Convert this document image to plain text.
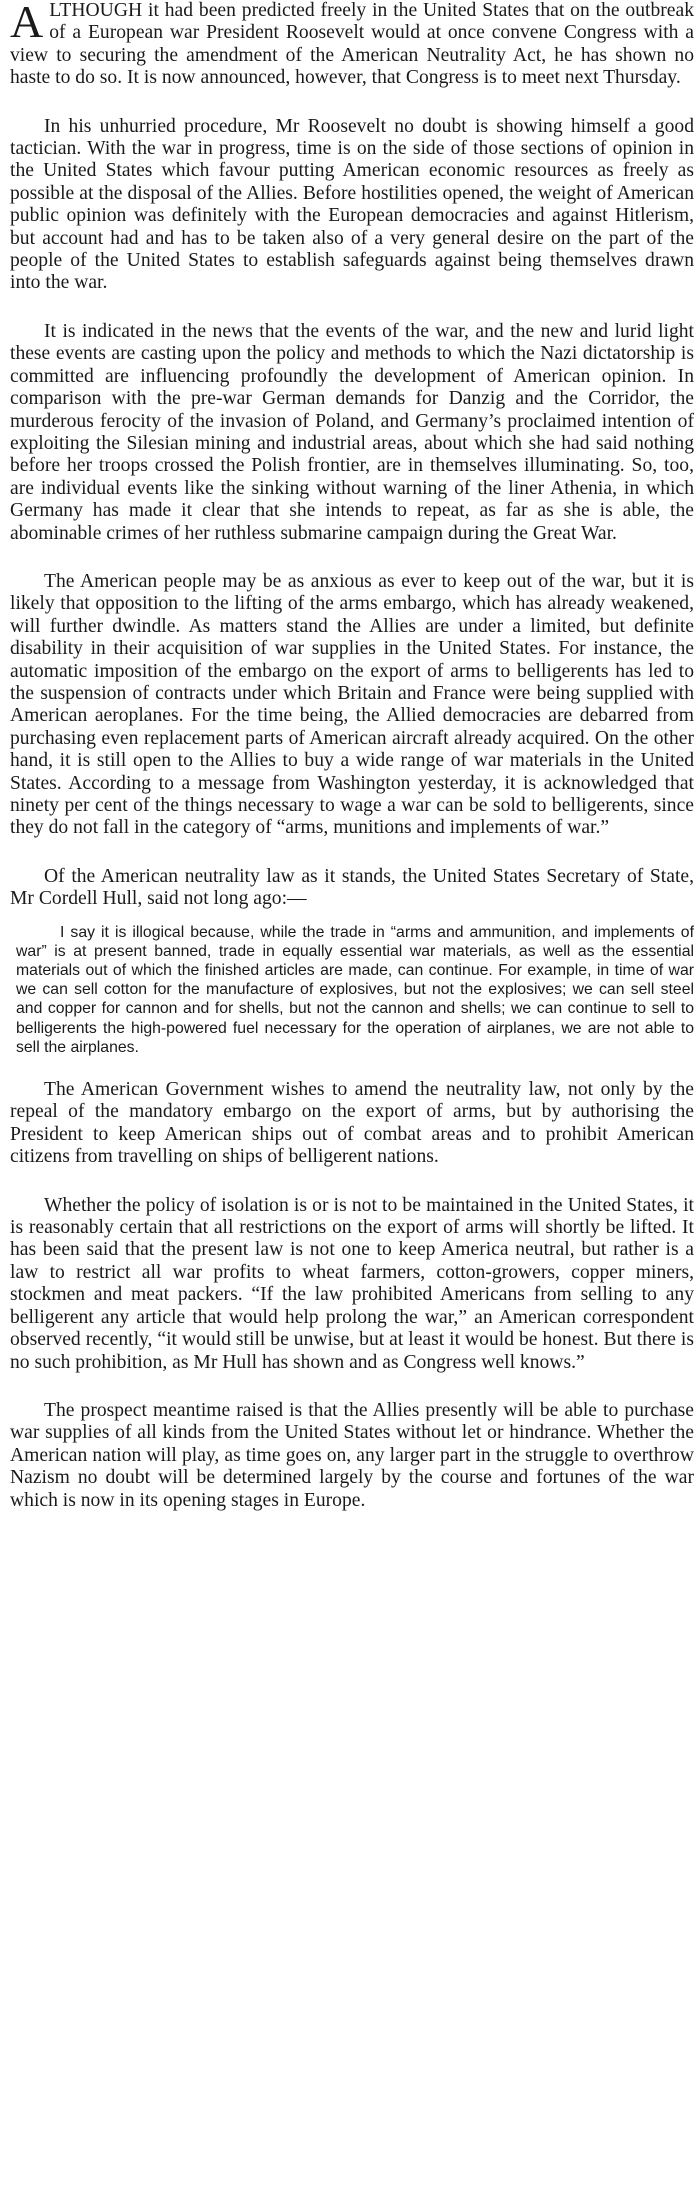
ALTHOUGH it had been predicted freely in the United States that on the outbreak of a European war President Roosevelt would at once convene Congress with a view to securing the amendment of the American Neutrality Act, he has shown no haste to do so. It is now announced, however, that Congress is to meet next Thursday.

In his unhurried procedure, Mr Roosevelt no doubt is showing himself a good tactician. With the war in progress, time is on the side of those sections of opinion in the United States which favour putting American economic resources as freely as possible at the disposal of the Allies. Before hostilities opened, the weight of American public opinion was definitely with the European democracies and against Hitlerism, but account had and has to be taken also of a very general desire on the part of the people of the United States to establish safeguards against being themselves drawn into the war.

It is indicated in the news that the events of the war, and the new and lurid light these events are casting upon the policy and methods to which the Nazi dictatorship is committed are influencing profoundly the development of American opinion. In comparison with the pre-war German demands for Danzig and the Corridor, the murderous ferocity of the invasion of Poland, and Germany’s proclaimed intention of exploiting the Silesian mining and industrial areas, about which she had said nothing before her troops crossed the Polish frontier, are in themselves illuminating. So, too, are individual events like the sinking without warning of the liner Athenia, in which Germany has made it clear that she intends to repeat, as far as she is able, the abominable crimes of her ruthless submarine campaign during the Great War.

The American people may be as anxious as ever to keep out of the war, but it is likely that opposition to the lifting of the arms embargo, which has already weakened, will further dwindle. As matters stand the Allies are under a limited, but definite disability in their acquisition of war supplies in the United States. For instance, the automatic imposition of the embargo on the export of arms to belligerents has led to the suspension of contracts under which Britain and France were being supplied with American aeroplanes. For the time being, the Allied democracies are debarred from purchasing even replacement parts of American aircraft already acquired. On the other hand, it is still open to the Allies to buy a wide range of war materials in the United States. According to a message from Washington yesterday, it is acknowledged that ninety per cent of the things necessary to wage a war can be sold to belligerents, since they do not fall in the category of “arms, munitions and implements of war.”

Of the American neutrality law as it stands, the United States Secretary of State, Mr Cordell Hull, said not long ago:—

I say it is illogical because, while the trade in “arms and ammunition, and implements of war” is at present banned, trade in equally essential war materials, as well as the essential materials out of which the finished articles are made, can continue. For example, in time of war we can sell cotton for the manufacture of explosives, but not the explosives; we can sell steel and copper for cannon and for shells, but not the cannon and shells; we can continue to sell to belligerents the high-powered fuel necessary for the operation of airplanes, we are not able to sell the airplanes.

The American Government wishes to amend the neutrality law, not only by the repeal of the mandatory embargo on the export of arms, but by authorising the President to keep American ships out of combat areas and to prohibit American citizens from travelling on ships of belligerent nations.

Whether the policy of isolation is or is not to be maintained in the United States, it is reasonably certain that all restrictions on the export of arms will shortly be lifted. It has been said that the present law is not one to keep America neutral, but rather is a law to restrict all war profits to wheat farmers, cotton-growers, copper miners, stockmen and meat packers. “If the law prohibited Americans from selling to any belligerent any article that would help prolong the war,” an American correspondent observed recently, “it would still be unwise, but at least it would be honest. But there is no such prohibition, as Mr Hull has shown and as Congress well knows.”

The prospect meantime raised is that the Allies presently will be able to purchase war supplies of all kinds from the United States without let or hindrance. Whether the American nation will play, as time goes on, any larger part in the struggle to overthrow Nazism no doubt will be determined largely by the course and fortunes of the war which is now in its opening stages in Europe.
